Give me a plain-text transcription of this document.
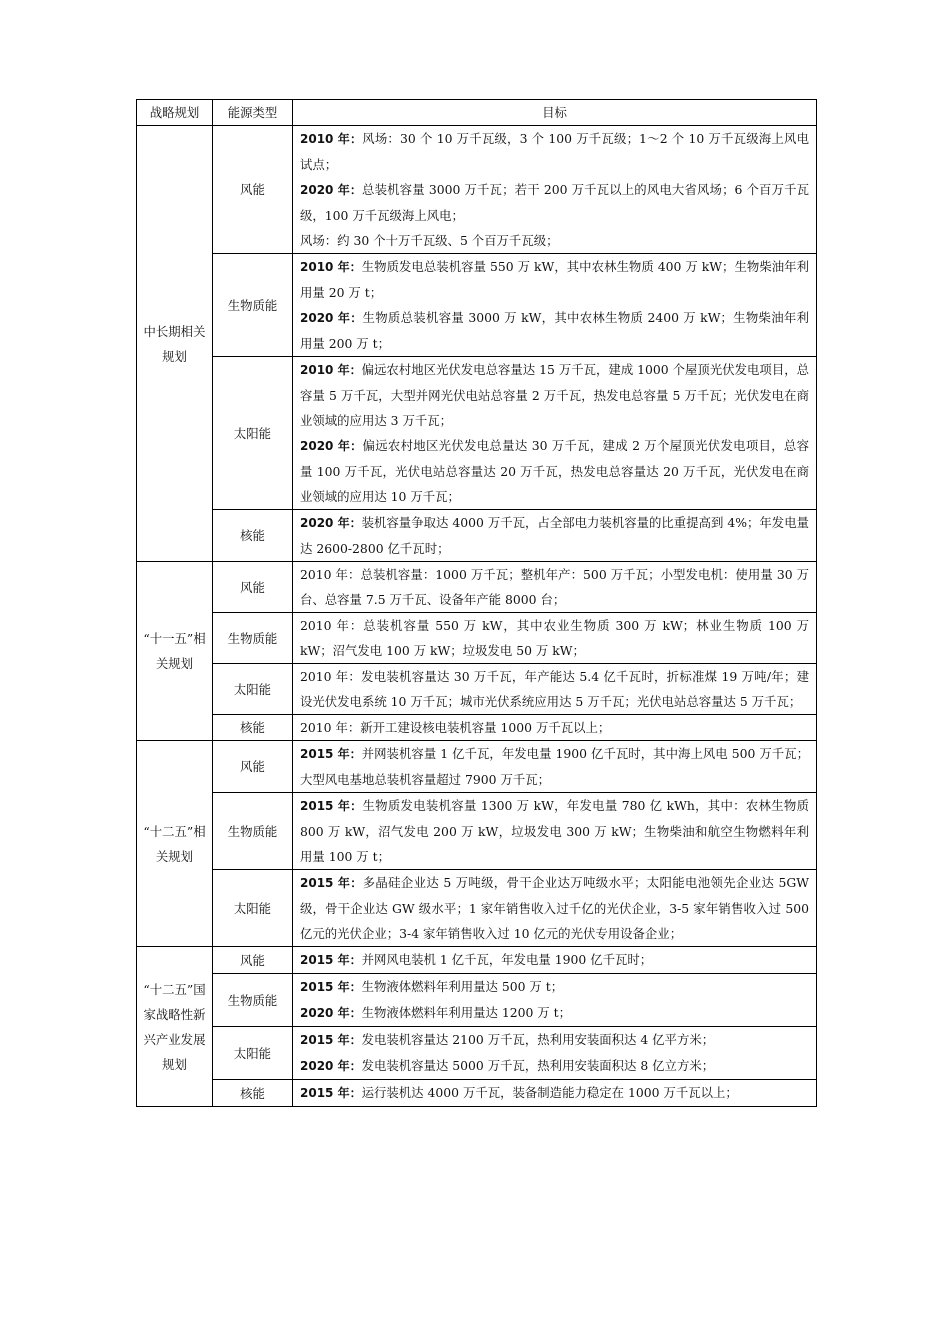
战略规划	能源类型	目标
中长期相关规划	风能	2010 年：风场：30 个 10 万千瓦级，3 个 100 万千瓦级；1～2 个 10 万千瓦级海上风电试点；
2020 年：总装机容量 3000 万千瓦；若干 200 万千瓦以上的风电大省风场；6 个百万千瓦级，100 万千瓦级海上风电；
风场：约 30 个十万千瓦级、5 个百万千瓦级；

	生物质能	2010 年：生物质发电总装机容量 550 万 kW，其中农林生物质 400 万 kW；生物柴油年利用量 20 万 t；
2020 年：生物质总装机容量 3000 万 kW，其中农林生物质 2400 万 kW；生物柴油年利用量 200 万 t；

	太阳能	2010 年：偏远农村地区光伏发电总容量达 15 万千瓦，建成 1000 个屋顶光伏发电项目，总容量 5 万千瓦，大型并网光伏电站总容量 2 万千瓦，热发电总容量 5 万千瓦；光伏发电在商业领域的应用达 3 万千瓦；
2020 年：偏远农村地区光伏发电总量达 30 万千瓦，建成 2 万个屋顶光伏发电项目，总容量 100 万千瓦，光伏电站总容量达 20 万千瓦，热发电总容量达 20 万千瓦，光伏发电在商业领域的应用达 10 万千瓦；

	核能	2020 年：装机容量争取达 4000 万千瓦，占全部电力装机容量的比重提高到 4%；年发电量达 2600-2800 亿千瓦时；

“十一五”相关规划	风能	2010 年：总装机容量：1000 万千瓦；整机年产：500 万千瓦；小型发电机：使用量 30 万台、总容量 7.5 万千瓦、设备年产能 8000 台；

	生物质能	2010 年：总装机容量 550 万 kW，其中农业生物质 300 万 kW；林业生物质 100 万 kW；沼气发电 100 万 kW；垃圾发电 50 万 kW；

	太阳能	2010 年：发电装机容量达 30 万千瓦，年产能达 5.4 亿千瓦时，折标准煤 19 万吨/年；建设光伏发电系统 10 万千瓦；城市光伏系统应用达 5 万千瓦；光伏电站总容量达 5 万千瓦；

	核能	2010 年：新开工建设核电装机容量 1000 万千瓦以上；

“十二五”相关规划	风能	2015 年：并网装机容量 1 亿千瓦，年发电量 1900 亿千瓦时，其中海上风电 500 万千瓦；大型风电基地总装机容量超过 7900 万千瓦；

	生物质能	2015 年：生物质发电装机容量 1300 万 kW，年发电量 780 亿 kWh，其中：农林生物质 800 万 kW，沼气发电 200 万 kW，垃圾发电 300 万 kW；生物柴油和航空生物燃料年利用量 100 万 t；

	太阳能	2015 年：多晶硅企业达 5 万吨级，骨干企业达万吨级水平；太阳能电池领先企业达 5GW 级，骨干企业达 GW 级水平；1 家年销售收入过千亿的光伏企业，3-5 家年销售收入过 500 亿元的光伏企业；3-4 家年销售收入过 10 亿元的光伏专用设备企业；

“十二五”国家战略性新兴产业发展规划	风能	2015 年：并网风电装机 1 亿千瓦，年发电量 1900 亿千瓦时；

	生物质能	2015 年：生物液体燃料年利用量达 500 万 t；
2020 年：生物液体燃料年利用量达 1200 万 t；

	太阳能	2015 年：发电装机容量达 2100 万千瓦，热利用安装面积达 4 亿平方米；
2020 年：发电装机容量达 5000 万千瓦，热利用安装面积达 8 亿立方米；

	核能	2015 年：运行装机达 4000 万千瓦，装备制造能力稳定在 1000 万千瓦以上；
